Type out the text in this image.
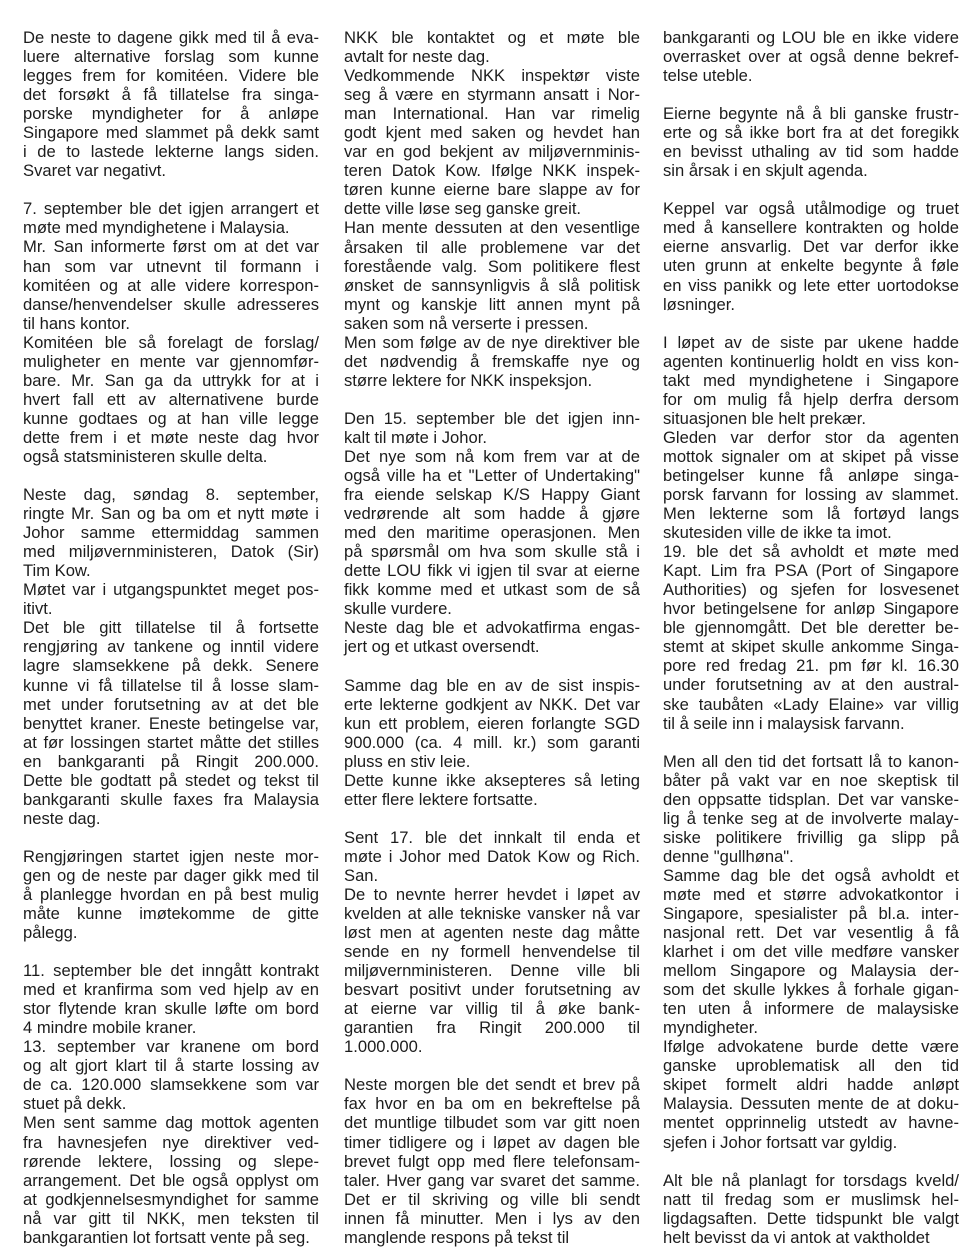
De neste to dagene gikk med til å eva-
luere alternative forslag som kunne
legges frem for komitéen. Videre ble
det forsøkt å få tillatelse fra singa-
porske myndigheter for å anløpe
Singapore med slammet på dekk samt
i de to lastede lekterne langs siden.
Svaret var negativt.

7. september ble det igjen arrangert et
møte med myndighetene i Malaysia.

Mr. San informerte først om at det var
han som var utnevnt til formann i
komitéen og at alle videre korrespon-
danse/henvendelser skulle adresseres
til hans kontor.

Komitéen ble så forelagt de forslag/
muligheter en mente var gjennomfør-
bare. Mr. San ga da uttrykk for at i
hvert fall ett av alternativene burde
kunne godtaes og at han ville legge
dette frem i et møte neste dag hvor
også statsministeren skulle delta.

Neste dag, søndag 8. september,
ringte Mr. San og ba om et nytt møte i
Johor samme ettermiddag sammen
med miljøvernministeren, Datok (Sir)
Tim Kow.

Møtet var i utgangspunktet meget pos-
itivt.

Det ble gitt tillatelse til å fortsette
rengjøring av tankene og inntil videre
lagre slamsekkene på dekk. Senere
kunne vi få tillatelse til å losse slam-
met under forutsetning av at det ble
benyttet kraner. Eneste betingelse var,
at før lossingen startet måtte det stilles
en bankgaranti på Ringit 200.000.
Dette ble godtatt på stedet og tekst til
bankgaranti skulle faxes fra Malaysia
neste dag.

Rengjøringen startet igjen neste mor-
gen og de neste par dager gikk med til
å planlegge hvordan en på best mulig
måte kunne imøtekomme de gitte
pålegg.

11. september ble det inngått kontrakt
med et kranfirma som ved hjelp av en
stor flytende kran skulle løfte om bord
4 mindre mobile kraner.

13. september var kranene om bord
og alt gjort klart til å starte lossing av
de ca. 120.000 slamsekkene som var
stuet på dekk.

Men sent samme dag mottok agenten
fra havnesjefen nye direktiver ved-
rørende lektere, lossing og slepe-
arrangement. Det ble også opplyst om
at godkjennelsesmyndighet for samme
nå var gitt til NKK, men teksten til
bankgarantien lot fortsatt vente på seg.

NKK ble kontaktet og et møte ble
avtalt for neste dag.

Vedkommende NKK inspektør viste
seg å være en styrmann ansatt i Nor-
man International. Han var rimelig
godt kjent med saken og hevdet han
var en god bekjent av miljøvernminis-
teren Datok Kow. Ifølge NKK inspek-
tøren kunne eierne bare slappe av for
dette ville løse seg ganske greit.

Han mente dessuten at den vesentlige
årsaken til alle problemene var det
forestående valg. Som politikere flest
ønsket de sannsynligvis å slå politisk
mynt og kanskje litt annen mynt på
saken som nå verserte i pressen.

Men som følge av de nye direktiver ble
det nødvendig å fremskaffe nye og
større lektere for NKK inspeksjon.

Den 15. september ble det igjen inn-
kalt til møte i Johor.

Det nye som nå kom frem var at de
også ville ha et "Letter of Undertaking"
fra eiende selskap K/S Happy Giant
vedrørende alt som hadde å gjøre
med den maritime operasjonen. Men
på spørsmål om hva som skulle stå i
dette LOU fikk vi igjen til svar at eierne
fikk komme med et utkast som de så
skulle vurdere.

Neste dag ble et advokatfirma engas-
jert og et utkast oversendt.

Samme dag ble en av de sist inspis-
erte lekterne godkjent av NKK. Det var
kun ett problem, eieren forlangte SGD
900.000 (ca. 4 mill. kr.) som garanti
pluss en stiv leie.

Dette kunne ikke aksepteres så leting
etter flere lektere fortsatte.

Sent 17. ble det innkalt til enda et
møte i Johor med Datok Kow og Rich.
San.

De to nevnte herrer hevdet i løpet av
kvelden at alle tekniske vansker nå var
løst men at agenten neste dag måtte
sende en ny formell henvendelse til
miljøvernministeren. Denne ville bli
besvart positivt under forutsetning av
at eierne var villig til å øke bank-
garantien fra Ringit 200.000 til
1.000.000.

Neste morgen ble det sendt et brev på
fax hvor en ba om en bekreftelse på
det muntlige tilbudet som var gitt noen
timer tidligere og i løpet av dagen ble
brevet fulgt opp med flere telefonsam-
taler. Hver gang var svaret det samme.
Det er til skriving og ville bli sendt
innen få minutter. Men i lys av den
manglende respons på tekst til

bankgaranti og LOU ble en ikke videre
overrasket over at også denne bekref-
telse uteble.

Eierne begynte nå å bli ganske frustr-
erte og så ikke bort fra at det foregikk
en bevisst uthaling av tid som hadde
sin årsak i en skjult agenda.

Keppel var også utålmodige og truet
med å kansellere kontrakten og holde
eierne ansvarlig. Det var derfor ikke
uten grunn at enkelte begynte å føle
en viss panikk og lete etter uortodokse
løsninger.

I løpet av de siste par ukene hadde
agenten kontinuerlig holdt en viss kon-
takt med myndighetene i Singapore
for om mulig få hjelp derfra dersom
situasjonen ble helt prekær.

Gleden var derfor stor da agenten
mottok signaler om at skipet på visse
betingelser kunne få anløpe singa-
porsk farvann for lossing av slammet.
Men lekterne som lå fortøyd langs
skutesiden ville de ikke ta imot.

19. ble det så avholdt et møte med
Kapt. Lim fra PSA (Port of Singapore
Authorities) og sjefen for losvesenet
hvor betingelsene for anløp Singapore
ble gjennomgått. Det ble deretter be-
stemt at skipet skulle ankomme Singa-
pore red fredag 21. pm før kl. 16.30
under forutsetning av at den austral-
ske taubåten «Lady Elaine» var villig
til å seile inn i malaysisk farvann.

Men all den tid det fortsatt lå to kanon-
båter på vakt var en noe skeptisk til
den oppsatte tidsplan. Det var vanske-
lig å tenke seg at de involverte malay-
siske politikere frivillig ga slipp på
denne "gullhøna".

Samme dag ble det også avholdt et
møte med et større advokatkontor i
Singapore, spesialister på bl.a. inter-
nasjonal rett. Det var vesentlig å få
klarhet i om det ville medføre vansker
mellom Singapore og Malaysia der-
som det skulle lykkes å forhale gigan-
ten uten å informere de malaysiske
myndigheter.

Ifølge advokatene burde dette være
ganske uproblematisk all den tid
skipet formelt aldri hadde anløpt
Malaysia. Dessuten mente de at doku-
mentet opprinnelig utstedt av havne-
sjefen i Johor fortsatt var gyldig.

Alt ble nå planlagt for torsdags kveld/
natt til fredag som er muslimsk hel-
ligdagsaften. Dette tidspunkt ble valgt
helt bevisst da vi antok at vaktholdet
